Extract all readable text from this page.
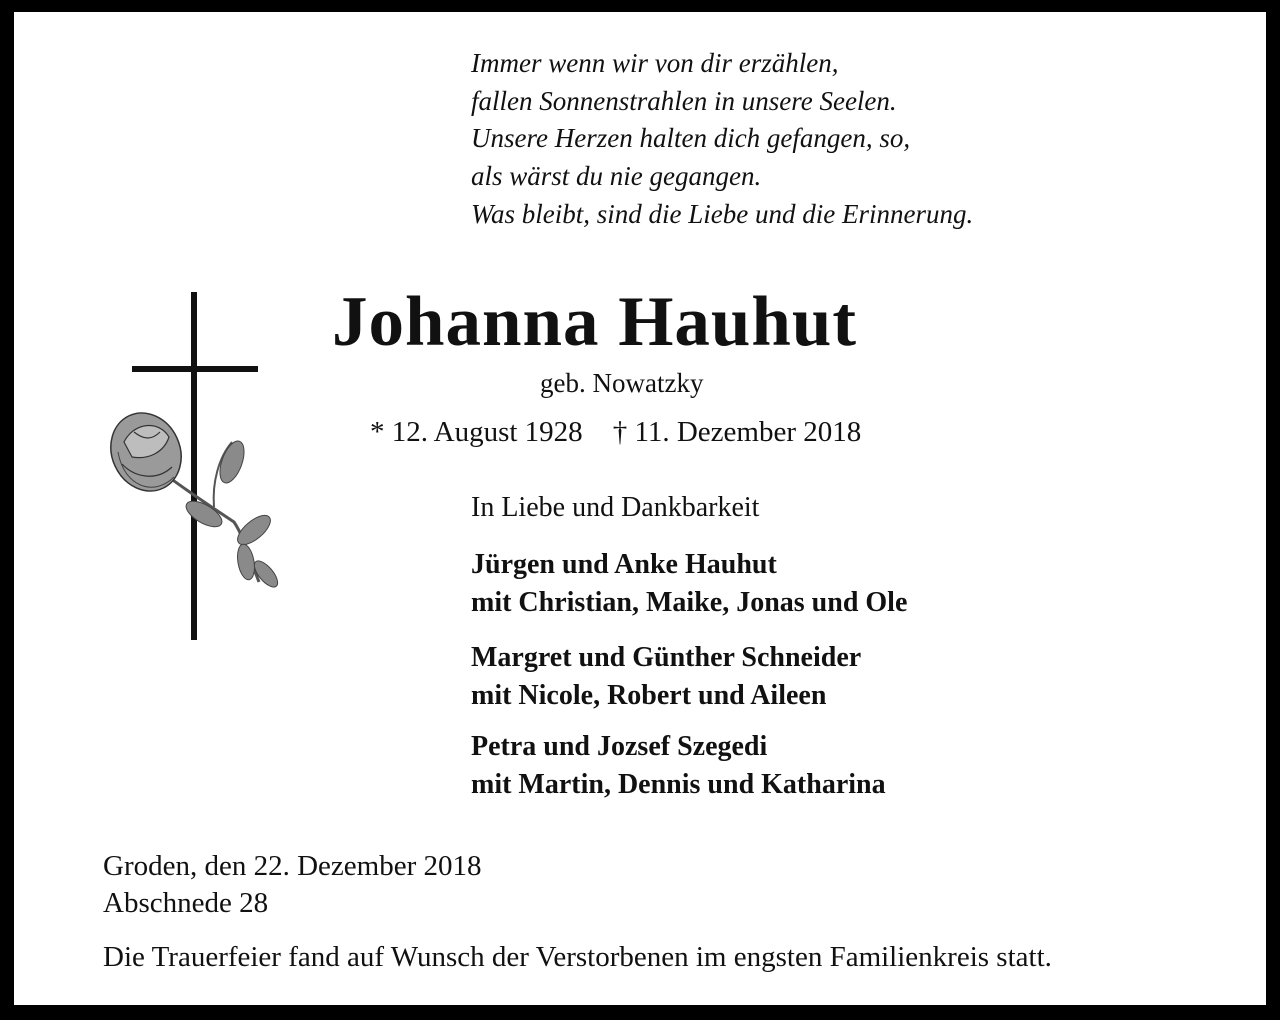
Immer wenn wir von dir erzählen,
fallen Sonnenstrahlen in unsere Seelen.
Unsere Herzen halten dich gefangen, so,
als wärst du nie gegangen.
Was bleibt, sind die Liebe und die Erinnerung.
Johanna Hauhut
geb. Nowatzky
* 12. August 1928 † 11. Dezember 2018
In Liebe und Dankbarkeit
Jürgen und Anke Hauhut
mit Christian, Maike, Jonas und Ole
Margret und Günther Schneider
mit Nicole, Robert und Aileen
Petra und Jozsef Szegedi
mit Martin, Dennis und Katharina
Groden, den 22. Dezember 2018
Abschnede 28
Die Trauerfeier fand auf Wunsch der Verstorbenen im engsten Familienkreis statt.
